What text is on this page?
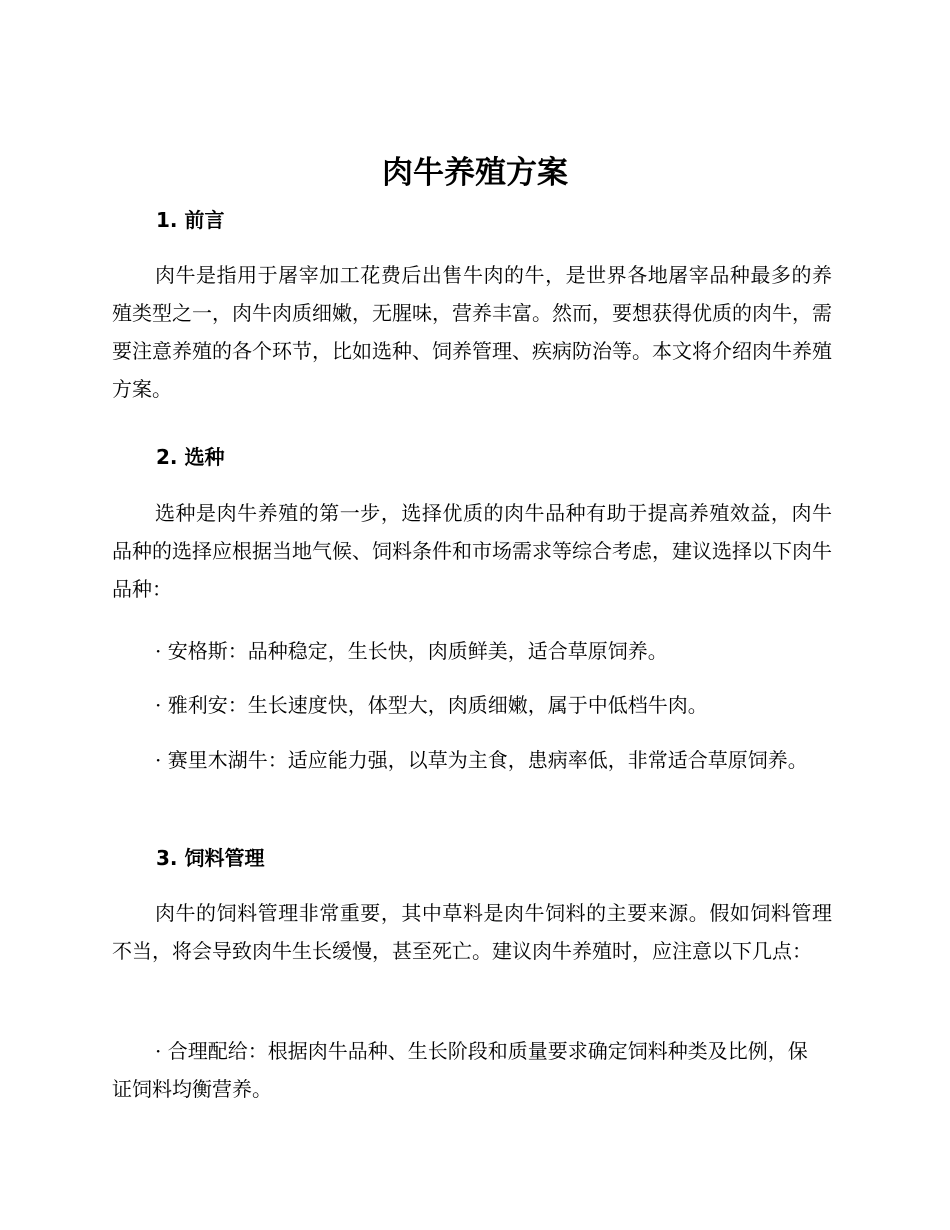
肉牛养殖方案
1. 前言

肉牛是指用于屠宰加工花费后出售牛肉的牛，是世界各地屠宰品种最多的养殖类型之一，肉牛肉质细嫩，无腥味，营养丰富。然而，要想获得优质的肉牛，需要注意养殖的各个环节，比如选种、饲养管理、疾病防治等。本文将介绍肉牛养殖方案。

2. 选种

选种是肉牛养殖的第一步，选择优质的肉牛品种有助于提高养殖效益，肉牛品种的选择应根据当地气候、饲料条件和市场需求等综合考虑，建议选择以下肉牛品种：

· 安格斯：品种稳定，生长快，肉质鲜美，适合草原饲养。

· 雅利安：生长速度快，体型大，肉质细嫩，属于中低档牛肉。

· 赛里木湖牛：适应能力强，以草为主食，患病率低，非常适合草原饲养。

3. 饲料管理

肉牛的饲料管理非常重要，其中草料是肉牛饲料的主要来源。假如饲料管理不当，将会导致肉牛生长缓慢，甚至死亡。建议肉牛养殖时，应注意以下几点：

· 合理配给：根据肉牛品种、生长阶段和质量要求确定饲料种类及比例，保证饲料均衡营养。
